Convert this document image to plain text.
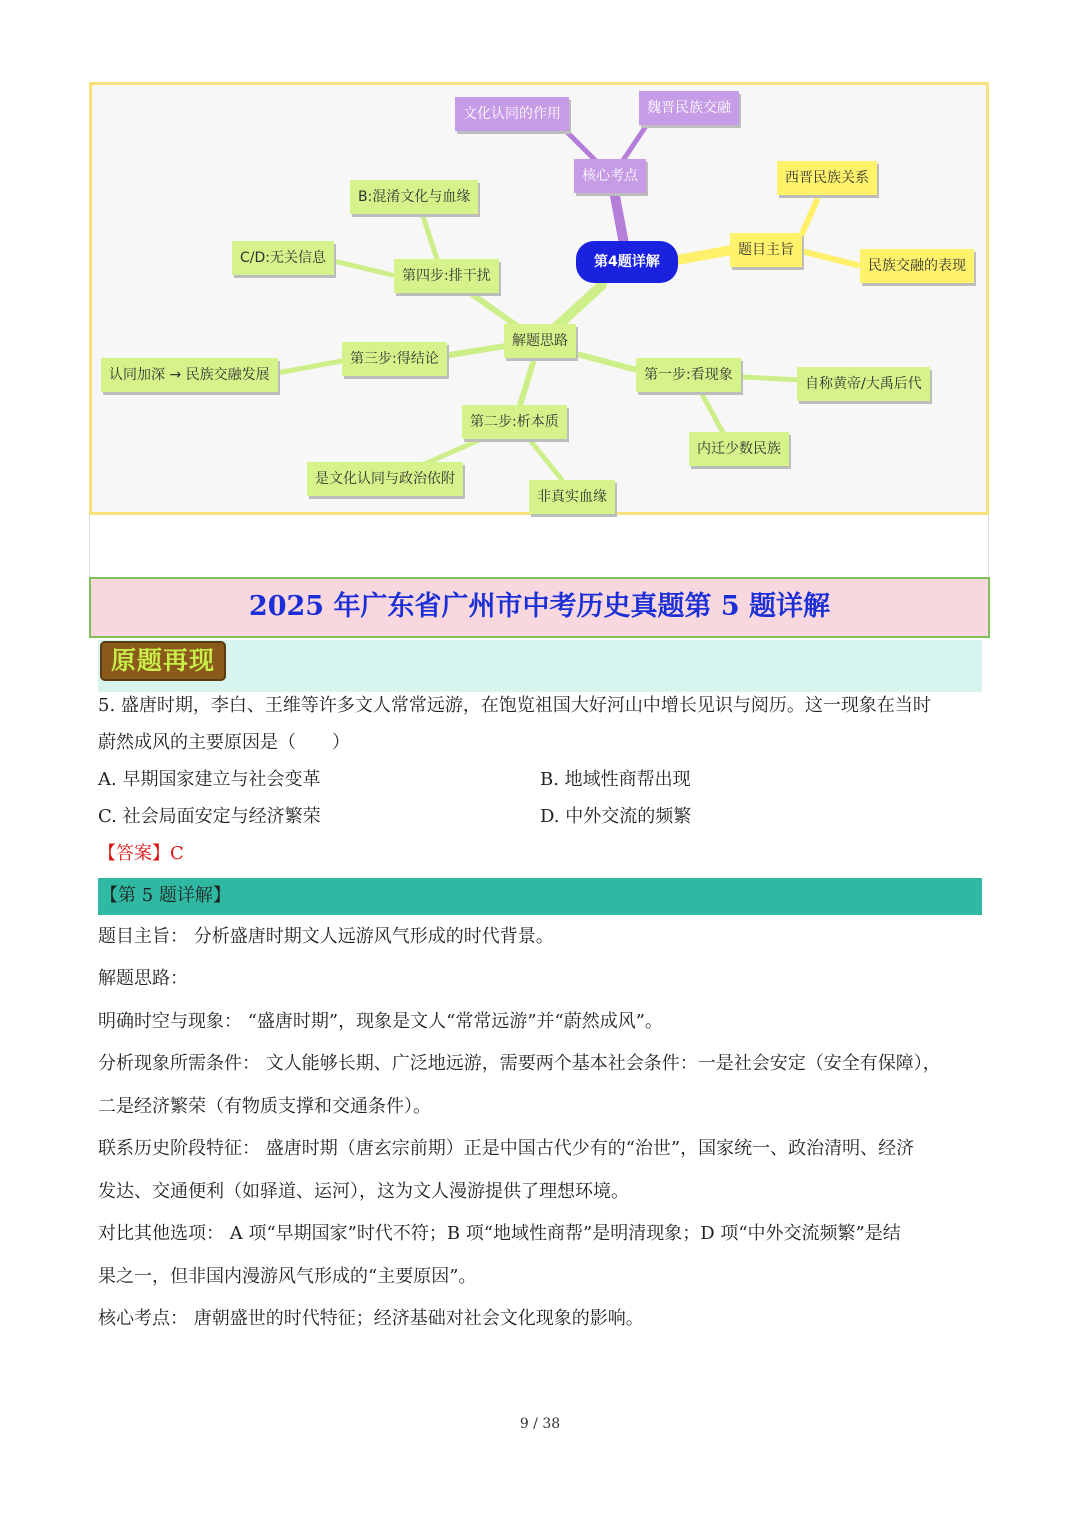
第4题详解
核心考点
文化认同的作用	魏晋民族交融
题目主旨
西晋民族关系
民族交融的表现
解题思路
第一步:看现象
自称黄帝/大禹后代
内迁少数民族
第二步:析本质
是文化认同与政治依附
非真实血缘
第三步:得结论
认同加深 → 民族交融发展
第四步:排干扰
B:混淆文化与血缘
C/D:无关信息
2025 年广东省广州市中考历史真题第 5 题详解
原题再现
5. 盛唐时期，李白、王维等许多文人常常远游，在饱览祖国大好河山中增长见识与阅历。这一现象在当时
蔚然成风的主要原因是（　　）
A. 早期国家建立与社会变革	B. 地域性商帮出现
C. 社会局面安定与经济繁荣	D. 中外交流的频繁
【答案】C
【第 5 题详解】
题目主旨： 分析盛唐时期文人远游风气形成的时代背景。
解题思路：
明确时空与现象： “盛唐时期”，现象是文人“常常远游”并“蔚然成风”。
分析现象所需条件： 文人能够长期、广泛地远游，需要两个基本社会条件：一是社会安定（安全有保障），
二是经济繁荣（有物质支撑和交通条件）。
联系历史阶段特征： 盛唐时期（唐玄宗前期）正是中国古代少有的“治世”，国家统一、政治清明、经济
发达、交通便利（如驿道、运河），这为文人漫游提供了理想环境。
对比其他选项： A 项“早期国家”时代不符；B 项“地域性商帮”是明清现象；D 项“中外交流频繁”是结
果之一，但非国内漫游风气形成的“主要原因”。
核心考点： 唐朝盛世的时代特征；经济基础对社会文化现象的影响。
9 / 38
